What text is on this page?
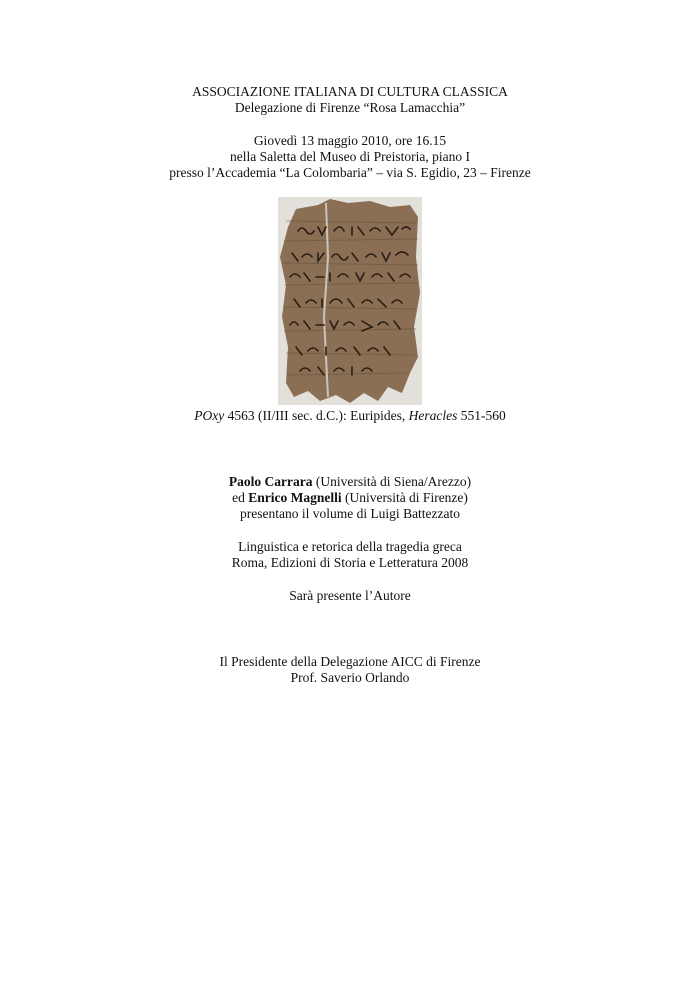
ASSOCIAZIONE ITALIANA DI CULTURA CLASSICA
Delegazione di Firenze “Rosa Lamacchia”
Giovedì 13 maggio 2010, ore 16.15
nella Saletta del Museo di Preistoria, piano I
presso l’Accademia “La Colombaria” – via S. Egidio, 23 – Firenze
POxy 4563 (II/III sec. d.C.): Euripides, Heracles 551-560
Paolo Carrara (Università di Siena/Arezzo)
ed Enrico Magnelli (Università di Firenze)
presentano il volume di Luigi Battezzato
Linguistica e retorica della tragedia greca
Roma, Edizioni di Storia e Letteratura 2008
Sarà presente l’Autore
Il Presidente della Delegazione AICC di Firenze
Prof. Saverio Orlando
